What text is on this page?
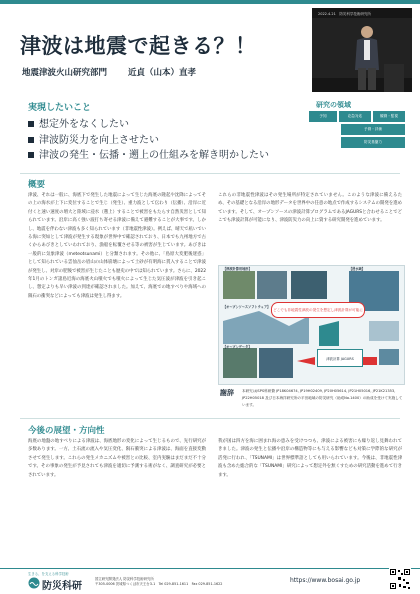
津波は地震で起きる？！
地震津波火山研究部門 近貞（山本）直孝
2022.4.21　防災科学技術研究所
実現したいこと
想定外をなくしたい
津波防災力を向上させたい
津波の発生・伝播・遡上の仕組みを解き明かしたい
研究の領域
予知	応急対応	観測・監視
予測・評価
防災基盤力
概要

津波、それは一般に、海底下で発生した地震によって生じた海底の隆起や沈降によってその上の海水が上下に変位することで生じ（発生）、重力波として伝わり（伝播）、沿岸に近付くと速い速度の増大と陸域に浸水（遡上）することで被害をもたらす自然災害として知られています。沿岸に高く強い波打ち寄せる津波に備えて避難することが大事です。しかし、地震を伴わない津波も多く知られています（非地震性津波）。例えば、晴天で凪いでいる海に突如として津波が発生する現象が世界中で確認されており、日本でも九州地方で古くからあびきとしていわれており、漁船を転覆させる等の被害が生じています。あびきは一般的に気象津波（meteotsunami）と分類されます。その他に、「島原大変肥後迷惑」として知られている雲仙岳の眉山の山体崩壊によって土砂が有明海に貫入することで津波が発生し、対岸の肥後で被害が生じたことも歴史の中では知られています。さらに、2022年1月のトンガ諸島近海の海底火山噴火でも噴火によって生じた気圧波が津波を引き起こし、想定よりも早い津波の到達が確認されました。加えて、海底での地すべりや海域への隕石の衝突などによっても津波は発生し得ます。

これらの非地震性津波はその発生場所が特定されていません。このような津波に備えるため、その基礎となる沿岸の地形データを世界中の任意の地点で作成するシステムの開発を進めています。そして、オープンソースの津波計算プログラムであるJAGURSと合わせることでどこでも津波計算が可能になり、津波防災力の向上に資する研究開発を進めています。

【津波計算用地形】	【浸水域】
【オープンソースソフトウェア】
【オープンデータ】
どこでも非地震性津波の発生を想定し津波計算が可能に
津波計算 JAGURS
謝辞 本研究はJSPS科研費 JP18K04674, JP19H02409, JP20H05614, JP21H05016, JP21K21353, JP22H05018 及び日本海洋研究所の平田地域の防災研究（助成No.1400）の助成を受けて実施しています。

今後の展望・方向性

海底の地盤の地すべりによる津波は、海底地形の変化によって生じるもので、先行研究が多数あります。一方、土石流の流入や気圧変化、隕石衝突による津波は、海面を直接変動させて発生します。これらの発生メカニズムや被害との比較、室内実験はまだまだ不十分です。その事象の発生が予見されても津波を適切に予測する術がなく、調査研究が必要とされています。

我が国は四方を海に囲まれ海の恵みを受けつつも、津波による被害にも繰り返し見舞われてきました。津波の発生と伝播や沿岸の構造物等にも与える影響なども対策に学際的な研究が活発に行われ、「TSUNAMI」は世界標準語としても用いられています。今後は、非地震性津波も含めた総合的な「TSUNAMI」研究によって想定外を無くすための研究活動を進めて行きます。

生きる、を支える科学技術
防災科研
国立研究開発法人 防災科学技術研究所
〒305-0006 茨城県つくば市天王台3-1　Tel 029-851-1611　Fax 029-851-1622	https://www.bosai.go.jp
